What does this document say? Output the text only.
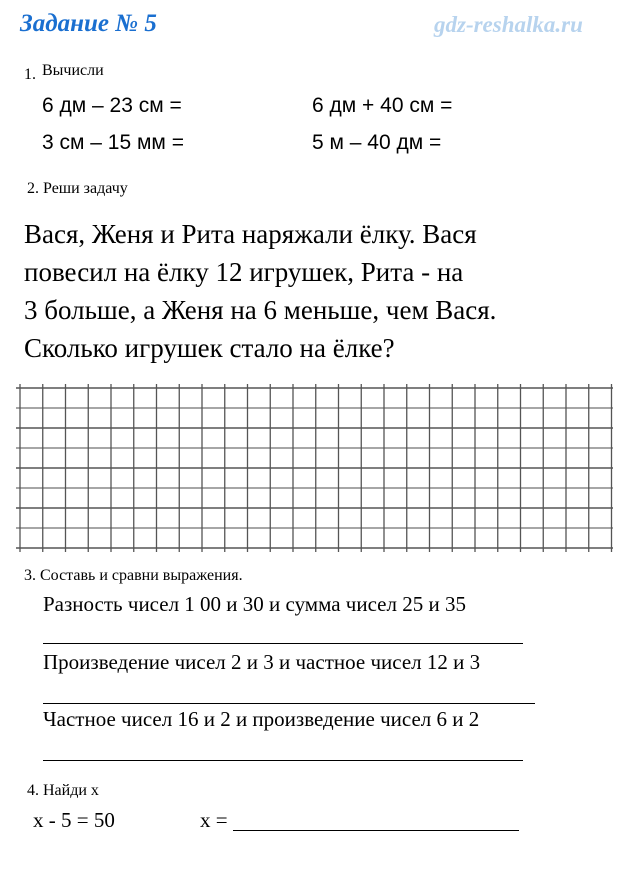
Задание № 5	gdz-reshalka.ru
1. Вычисли
6 дм – 23 см =	6 дм + 40 см =
3 см – 15 мм =	5 м – 40 дм =
2. Реши задачу
Вася, Женя и Рита наряжали ёлку. Вася
повесил на ёлку 12 игрушек, Рита - на
3 больше, а Женя на 6 меньше, чем Вася.
Сколько игрушек стало на ёлке?
3. Составь и сравни выражения.
Разность чисел 1 00 и 30 и сумма чисел 25 и 35
Произведение чисел 2 и 3 и частное чисел 12 и 3
Частное чисел 16 и 2 и произведение чисел 6 и 2
4. Найди x
x - 5 = 50	x =
